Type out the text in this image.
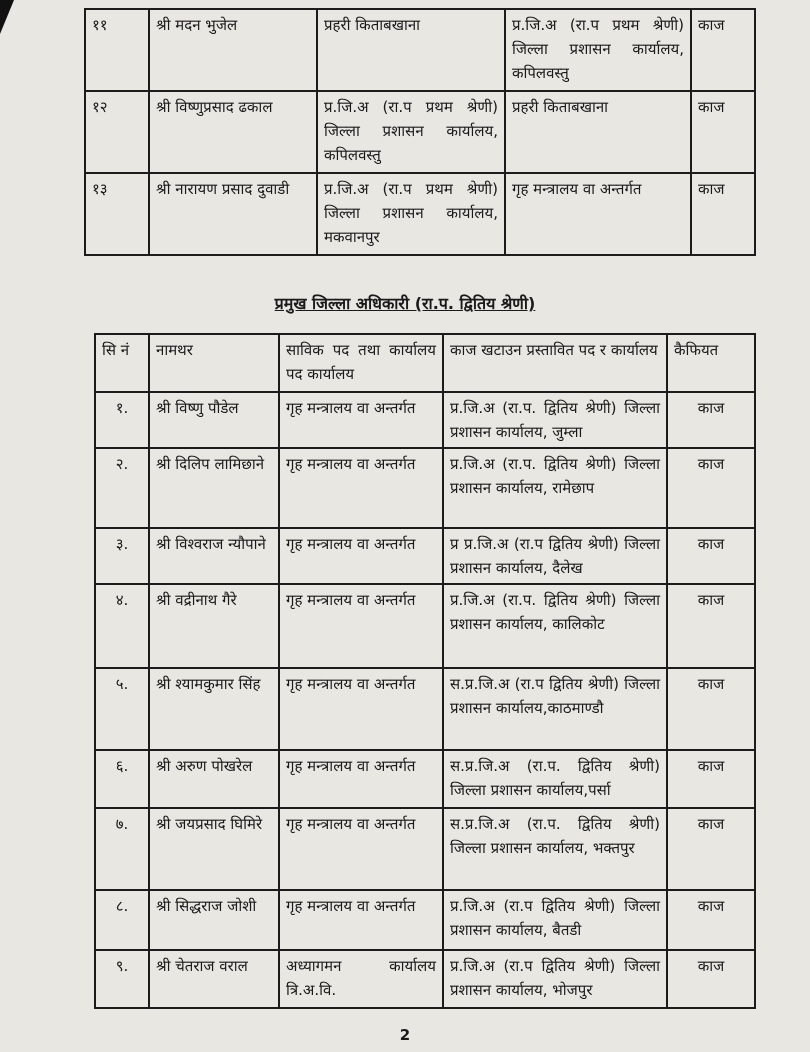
११	श्री मदन भुजेल	प्रहरी किताबखाना	प्र.जि.अ (रा.प प्रथम श्रेणी) जिल्ला प्रशासन कार्यालय, कपिलवस्तु	काज
१२	श्री विष्णुप्रसाद ढकाल	प्र.जि.अ (रा.प प्रथम श्रेणी) जिल्ला प्रशासन कार्यालय, कपिलवस्तु	प्रहरी किताबखाना	काज
१३	श्री नारायण प्रसाद दुवाडी	प्र.जि.अ (रा.प प्रथम श्रेणी) जिल्ला प्रशासन कार्यालय, मकवानपुर	गृह मन्त्रालय वा अन्तर्गत	काज
प्रमुख जिल्ला अधिकारी (रा.प. द्वितिय श्रेणी)
सि नं	नामथर	साविक पद तथा कार्यालय पद कार्यालय	काज खटाउन प्रस्तावित पद र कार्यालय	कैफियत
१.	श्री विष्णु पौडेल	गृह मन्त्रालय वा अन्तर्गत	प्र.जि.अ (रा.प. द्वितिय श्रेणी) जिल्ला प्रशासन कार्यालय, जुम्ला	काज
२.	श्री दिलिप लामिछाने	गृह मन्त्रालय वा अन्तर्गत	प्र.जि.अ (रा.प. द्वितिय श्रेणी) जिल्ला प्रशासन कार्यालय, रामेछाप	काज
३.	श्री विश्वराज न्यौपाने	गृह मन्त्रालय वा अन्तर्गत	प्र प्र.जि.अ (रा.प द्वितिय श्रेणी) जिल्ला प्रशासन कार्यालय, दैलेख	काज
४.	श्री वद्रीनाथ गैरे	गृह मन्त्रालय वा अन्तर्गत	प्र.जि.अ (रा.प. द्वितिय श्रेणी) जिल्ला प्रशासन कार्यालय, कालिकोट	काज
५.	श्री श्यामकुमार सिंह	गृह मन्त्रालय वा अन्तर्गत	स.प्र.जि.अ (रा.प द्वितिय श्रेणी) जिल्ला प्रशासन कार्यालय,काठमाण्डौ	काज
६.	श्री अरुण पोखरेल	गृह मन्त्रालय वा अन्तर्गत	स.प्र.जि.अ (रा.प. द्वितिय श्रेणी) जिल्ला प्रशासन कार्यालय,पर्सा	काज
७.	श्री जयप्रसाद घिमिरे	गृह मन्त्रालय वा अन्तर्गत	स.प्र.जि.अ (रा.प. द्वितिय श्रेणी) जिल्ला प्रशासन कार्यालय, भक्तपुर	काज
८.	श्री सिद्धराज जोशी	गृह मन्त्रालय वा अन्तर्गत	प्र.जि.अ (रा.प द्वितिय श्रेणी) जिल्ला प्रशासन कार्यालय, बैतडी	काज
९.	श्री चेतराज वराल	अध्यागमन कार्यालय त्रि.अ.वि.	प्र.जि.अ (रा.प द्वितिय श्रेणी) जिल्ला प्रशासन कार्यालय, भोजपुर	काज
2
